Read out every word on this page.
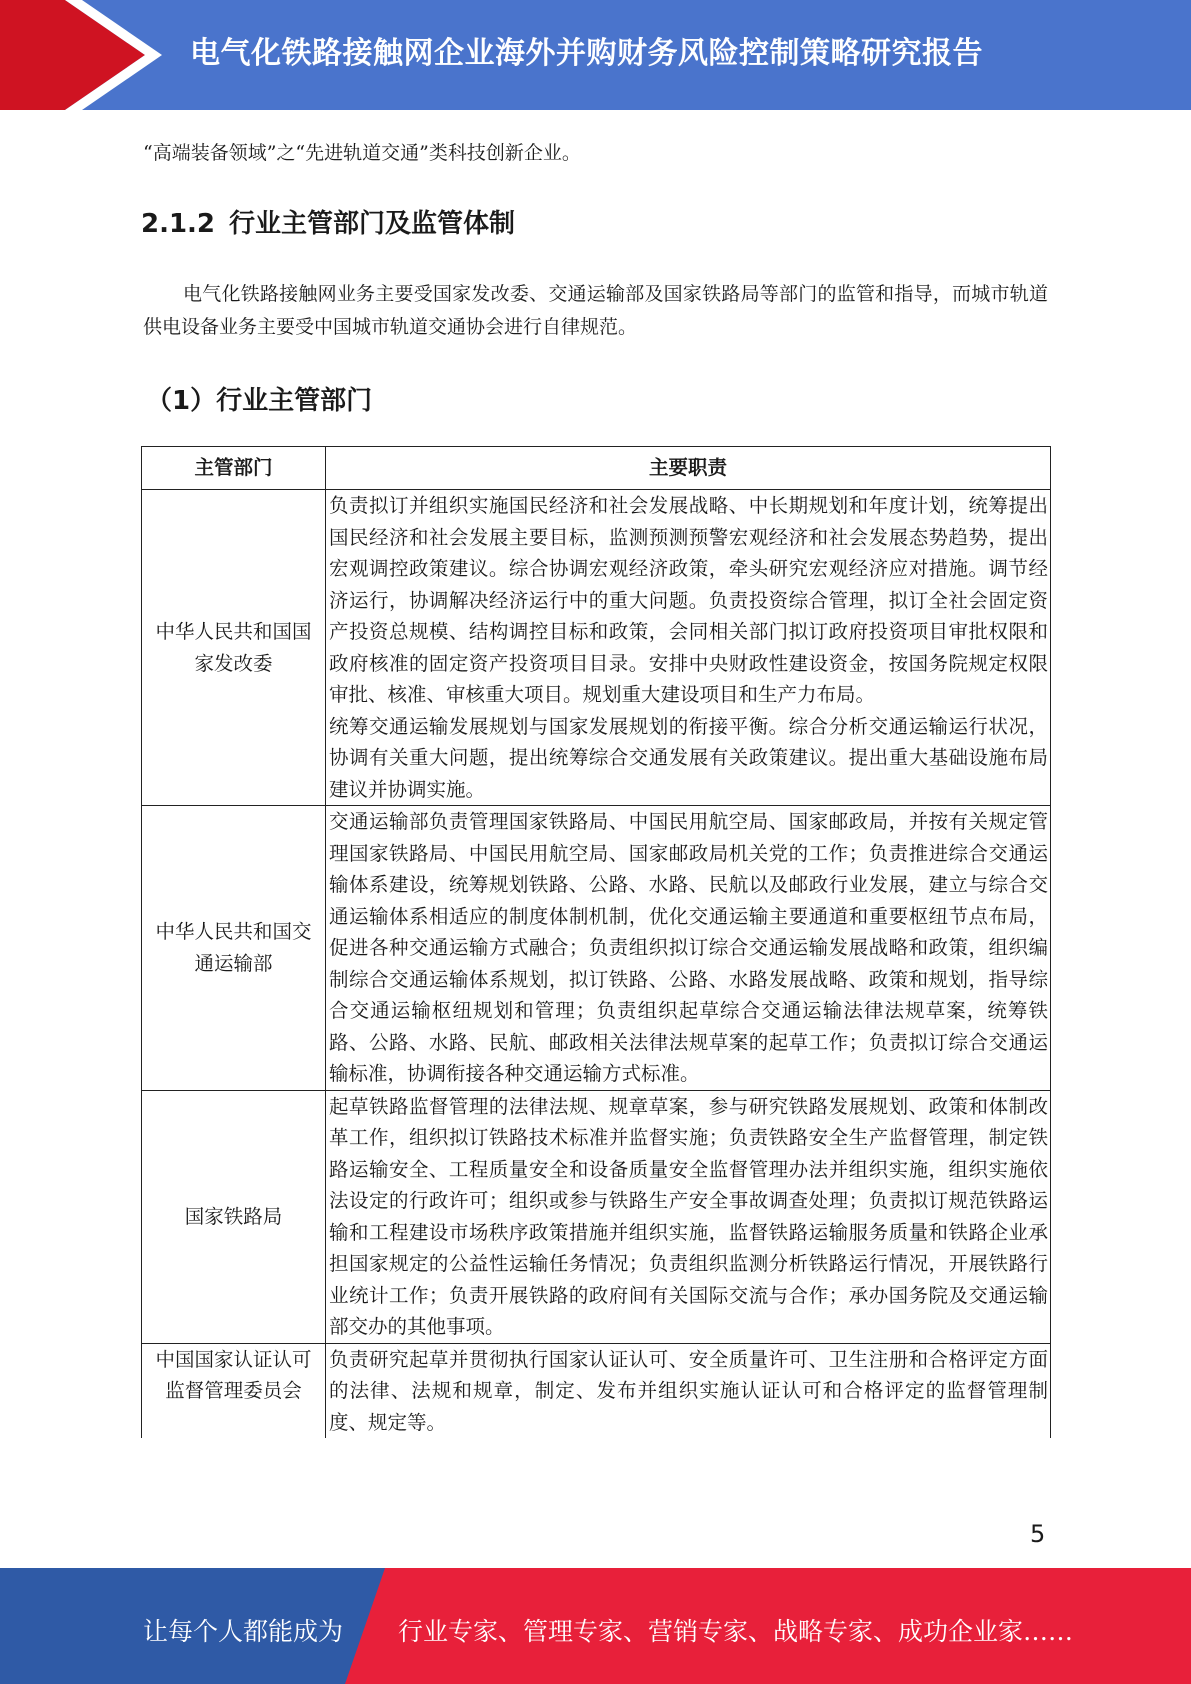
电气化铁路接触网企业海外并购财务风险控制策略研究报告
“高端装备领域”之“先进轨道交通”类科技创新企业。
2.1.2 行业主管部门及监管体制
电气化铁路接触网业务主要受国家发改委、交通运输部及国家铁路局等部门的监管和指导，而城市轨道供电设备业务主要受中国城市轨道交通协会进行自律规范。
（1）行业主管部门
主管部门	主要职责
中华人民共和国国家发改委	负责拟订并组织实施国民经济和社会发展战略、中长期规划和年度计划，统筹提出国民经济和社会发展主要目标，监测预测预警宏观经济和社会发展态势趋势，提出宏观调控政策建议。综合协调宏观经济政策，牵头研究宏观经济应对措施。调节经济运行，协调解决经济运行中的重大问题。负责投资综合管理，拟订全社会固定资产投资总规模、结构调控目标和政策，会同相关部门拟订政府投资项目审批权限和政府核准的固定资产投资项目目录。安排中央财政性建设资金，按国务院规定权限审批、核准、审核重大项目。规划重大建设项目和生产力布局。

统筹交通运输发展规划与国家发展规划的衔接平衡。综合分析交通运输运行状况，协调有关重大问题，提出统筹综合交通发展有关政策建议。提出重大基础设施布局建议并协调实施。

中华人民共和国交通运输部	交通运输部负责管理国家铁路局、中国民用航空局、国家邮政局，并按有关规定管理国家铁路局、中国民用航空局、国家邮政局机关党的工作；负责推进综合交通运输体系建设，统筹规划铁路、公路、水路、民航以及邮政行业发展，建立与综合交通运输体系相适应的制度体制机制，优化交通运输主要通道和重要枢纽节点布局，促进各种交通运输方式融合；负责组织拟订综合交通运输发展战略和政策，组织编制综合交通运输体系规划，拟订铁路、公路、水路发展战略、政策和规划，指导综合交通运输枢纽规划和管理；负责组织起草综合交通运输法律法规草案，统筹铁路、公路、水路、民航、邮政相关法律法规草案的起草工作；负责拟订综合交通运输标准，协调衔接各种交通运输方式标准。

国家铁路局	起草铁路监督管理的法律法规、规章草案，参与研究铁路发展规划、政策和体制改革工作，组织拟订铁路技术标准并监督实施；负责铁路安全生产监督管理，制定铁路运输安全、工程质量安全和设备质量安全监督管理办法并组织实施，组织实施依法设定的行政许可；组织或参与铁路生产安全事故调查处理；负责拟订规范铁路运输和工程建设市场秩序政策措施并组织实施，监督铁路运输服务质量和铁路企业承担国家规定的公益性运输任务情况；负责组织监测分析铁路运行情况，开展铁路行业统计工作；负责开展铁路的政府间有关国际交流与合作；承办国务院及交通运输部交办的其他事项。

中国国家认证认可监督管理委员会	负责研究起草并贯彻执行国家认证认可、安全质量许可、卫生注册和合格评定方面的法律、法规和规章，制定、发布并组织实施认证认可和合格评定的监督管理制度、规定等。

5
让每个人都能成为 行业专家、管理专家、营销专家、战略专家、成功企业家……
